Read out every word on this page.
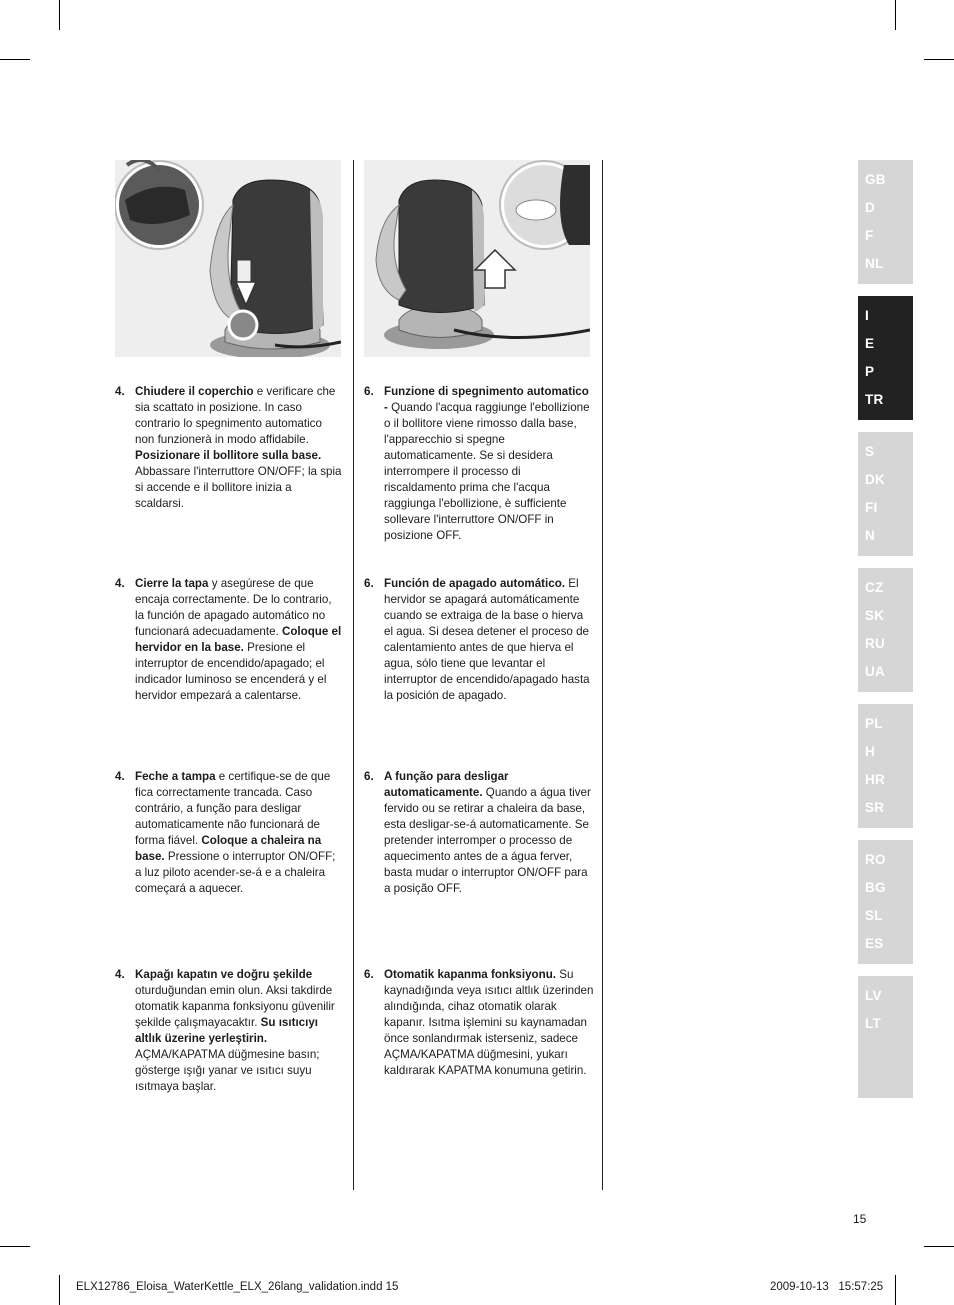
4. Chiudere il coperchio e verificare che sia scattato in posizione. In caso contrario lo spegnimento automatico non funzionerà in modo affidabile. Posizionare il bollitore sulla base. Abbassare l'interruttore ON/OFF; la spia si accende e il bollitore inizia a scaldarsi.
6. Funzione di spegnimento automatico - Quando l'acqua raggiunge l'ebollizione o il bollitore viene rimosso dalla base, l'apparecchio si spegne automaticamente. Se si desidera interrompere il processo di riscaldamento prima che l'acqua raggiunga l'ebollizione, è sufficiente sollevare l'interruttore ON/OFF in posizione OFF.
4. Cierre la tapa y asegúrese de que encaja correctamente. De lo contrario, la función de apagado automático no funcionará adecuadamente. Coloque el hervidor en la base. Presione el interruptor de encendido/apagado; el indicador luminoso se encenderá y el hervidor empezará a calentarse.
6. Función de apagado automático. El hervidor se apagará automáticamente cuando se extraiga de la base o hierva el agua. Si desea detener el proceso de calentamiento antes de que hierva el agua, sólo tiene que levantar el interruptor de encendido/apagado hasta la posición de apagado.
4. Feche a tampa e certifique-se de que fica correctamente trancada. Caso contrário, a função para desligar automaticamente não funcionará de forma fiável. Coloque a chaleira na base. Pressione o interruptor ON/OFF; a luz piloto acender-se-á e a chaleira começará a aquecer.
6. A função para desligar automaticamente. Quando a água tiver fervido ou se retirar a chaleira da base, esta desligar-se-á automaticamente. Se pretender interromper o processo de aquecimento antes de a água ferver, basta mudar o interruptor ON/OFF para a posição OFF.
4. Kapağı kapatın ve doğru şekilde oturduğundan emin olun. Aksi takdirde otomatik kapanma fonksiyonu güvenilir şekilde çalışmayacaktır. Su ısıtıcıyı altlık üzerine yerleştirin. AÇMA/KAPATMA düğmesine basın; gösterge ışığı yanar ve ısıtıcı suyu ısıtmaya başlar.
6. Otomatik kapanma fonksiyonu. Su kaynadığında veya ısıtıcı altlık üzerinden alındığında, cihaz otomatik olarak kapanır. Isıtma işlemini su kaynamadan önce sonlandırmak isterseniz, sadece AÇMA/KAPATMA düğmesini, yukarı kaldırarak KAPATMA konumuna getirin.
GB
D
F
NL
I
E
P
TR
S
DK
FI
N
CZ
SK
RU
UA
PL
H
HR
SR
RO
BG
SL
ES
LV
LT
15
ELX12786_Eloisa_WaterKettle_ELX_26lang_validation.indd 15	2009-10-13   15:57:25
